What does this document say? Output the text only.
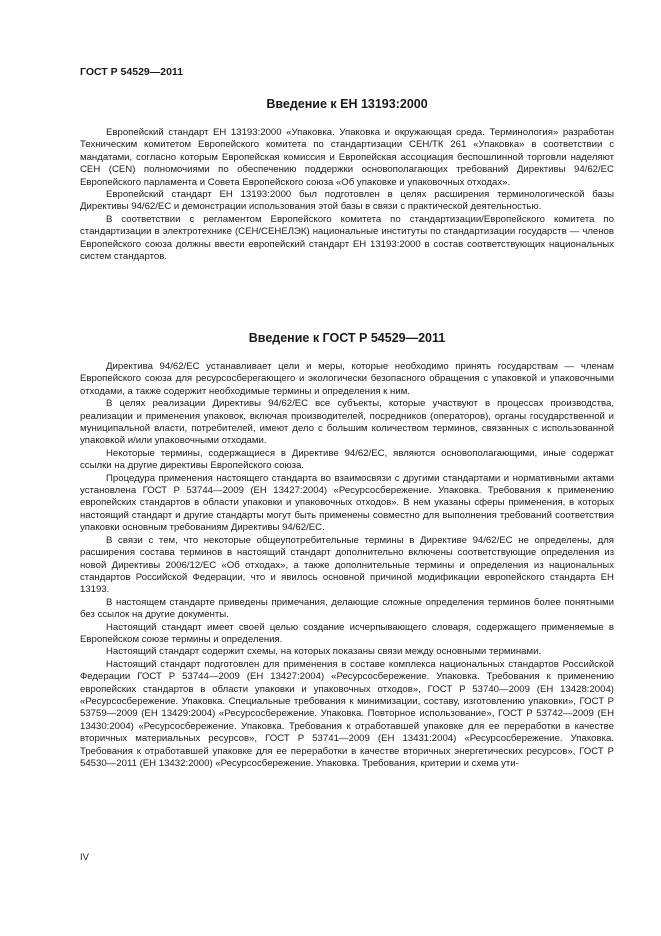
ГОСТ Р 54529—2011
Введение к ЕН 13193:2000

Европейский стандарт ЕН 13193:2000 «Упаковка. Упаковка и окружающая среда. Терминология» разработан Техническим комитетом Европейского комитета по стандартизации СЕН/ТК 261 «Упаковка» в соответствии с мандатами, согласно которым Европейская комиссия и Европейская ассоциация беспошлинной торговли наделяют СЕН (CEN) полномочиями по обеспечению поддержки основополагающих требований Директивы 94/62/ЕС Европейского парламента и Совета Европейского союза «Об упаковке и упаковочных отходах».

Европейский стандарт ЕН 13193:2000 был подготовлен в целях расширения терминологической базы Директивы 94/62/ЕС и демонстрации использования этой базы в связи с практической деятельностью.

В соответствии с регламентом Европейского комитета по стандартизации/Европейского комитета по стандартизации в электротехнике (СЕН/СЕНЕЛЭК) национальные институты по стандартизации государств — членов Европейского союза должны ввести европейский стандарт ЕН 13193:2000 в состав соответствующих национальных систем стандартов.

Введение к ГОСТ Р 54529—2011

Директива 94/62/ЕС устанавливает цели и меры, которые необходимо принять государствам — членам Европейского союза для ресурсосберегающего и экологически безопасного обращения с упаковкой и упаковочными отходами, а также содержит необходимые термины и определения к ним.

В целях реализации Директивы 94/62/ЕС все субъекты, которые участвуют в процессах производства, реализации и применения упаковок, включая производителей, посредников (операторов), органы государственной и муниципальной власти, потребителей, имеют дело с большим количеством терминов, связанных с использованной упаковкой и/или упаковочными отходами.

Некоторые термины, содержащиеся в Директиве 94/62/ЕС, являются основополагающими, иные содержат ссылки на другие директивы Европейского союза.

Процедура применения настоящего стандарта во взаимосвязи с другими стандартами и нормативными актами установлена ГОСТ Р 53744—2009 (ЕН 13427:2004) «Ресурсосбережение. Упаковка. Требования к применению европейских стандартов в области упаковки и упаковочных отходов». В нем указаны сферы применения, в которых настоящий стандарт и другие стандарты могут быть применены совместно для выполнения требований соответствия упаковки основным требованиям Директивы 94/62/ЕС.

В связи с тем, что некоторые общеупотребительные термины в Директиве 94/62/ЕС не определены, для расширения состава терминов в настоящий стандарт дополнительно включены соответствующие определения из новой Директивы 2006/12/ЕС «Об отходах», а также дополнительные термины и определения из национальных стандартов Российской Федерации, что и явилось основной причиной модификации европейского стандарта ЕН 13193.

В настоящем стандарте приведены примечания, делающие сложные определения терминов более понятными без ссылок на другие документы.

Настоящий стандарт имеет своей целью создание исчерпывающего словаря, содержащего применяемые в Европейском союзе термины и определения.

Настоящий стандарт содержит схемы, на которых показаны связи между основными терминами.

Настоящий стандарт подготовлен для применения в составе комплекса национальных стандартов Российской Федерации ГОСТ Р 53744—2009 (ЕН 13427:2004) «Ресурсосбережение. Упаковка. Требования к применению европейских стандартов в области упаковки и упаковочных отходов», ГОСТ Р 53740—2009 (ЕН 13428:2004) «Ресурсосбережение. Упаковка. Специальные требования к минимизации, составу, изготовлению упаковки», ГОСТ Р 53759—2009 (ЕН 13429:2004) «Ресурсосбережение. Упаковка. Повторное использование», ГОСТ Р 53742—2009 (ЕН 13430:2004) «Ресурсосбережение. Упаковка. Требования к отработавшей упаковке для ее переработки в качестве вторичных материальных ресурсов», ГОСТ Р 53741—2009 (ЕН 13431:2004) «Ресурсосбережение. Упаковка. Требования к отработавшей упаковке для ее переработки в качестве вторичных энергетических ресурсов», ГОСТ Р 54530—2011 (ЕН 13432:2000) «Ресурсосбережение. Упаковка. Требования, критерии и схема ути-

IV
